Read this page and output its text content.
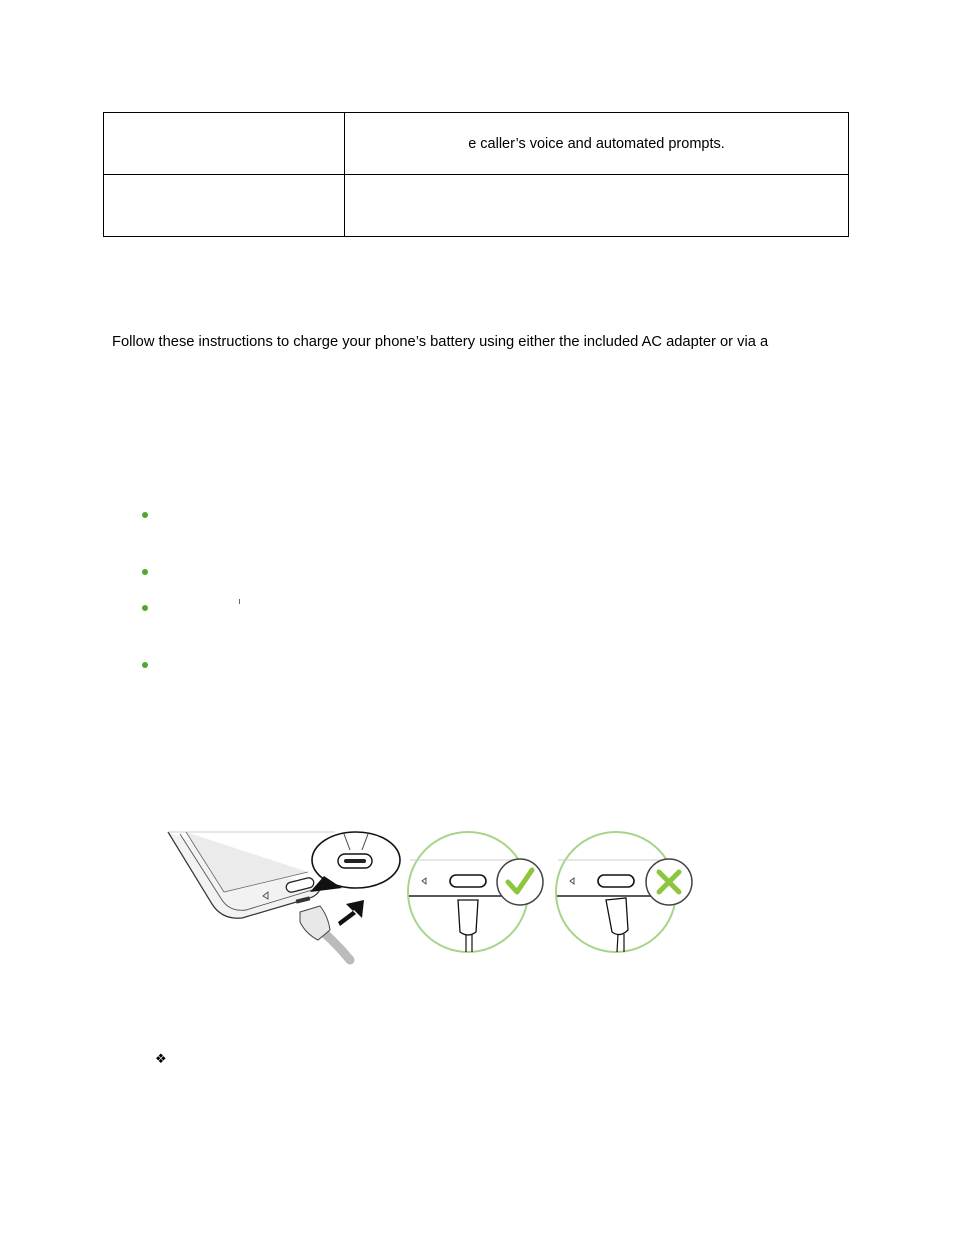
	e caller’s voice and automated prompts.

Follow these instructions to charge your phone’s battery using either the included AC adapter or via a
❖
